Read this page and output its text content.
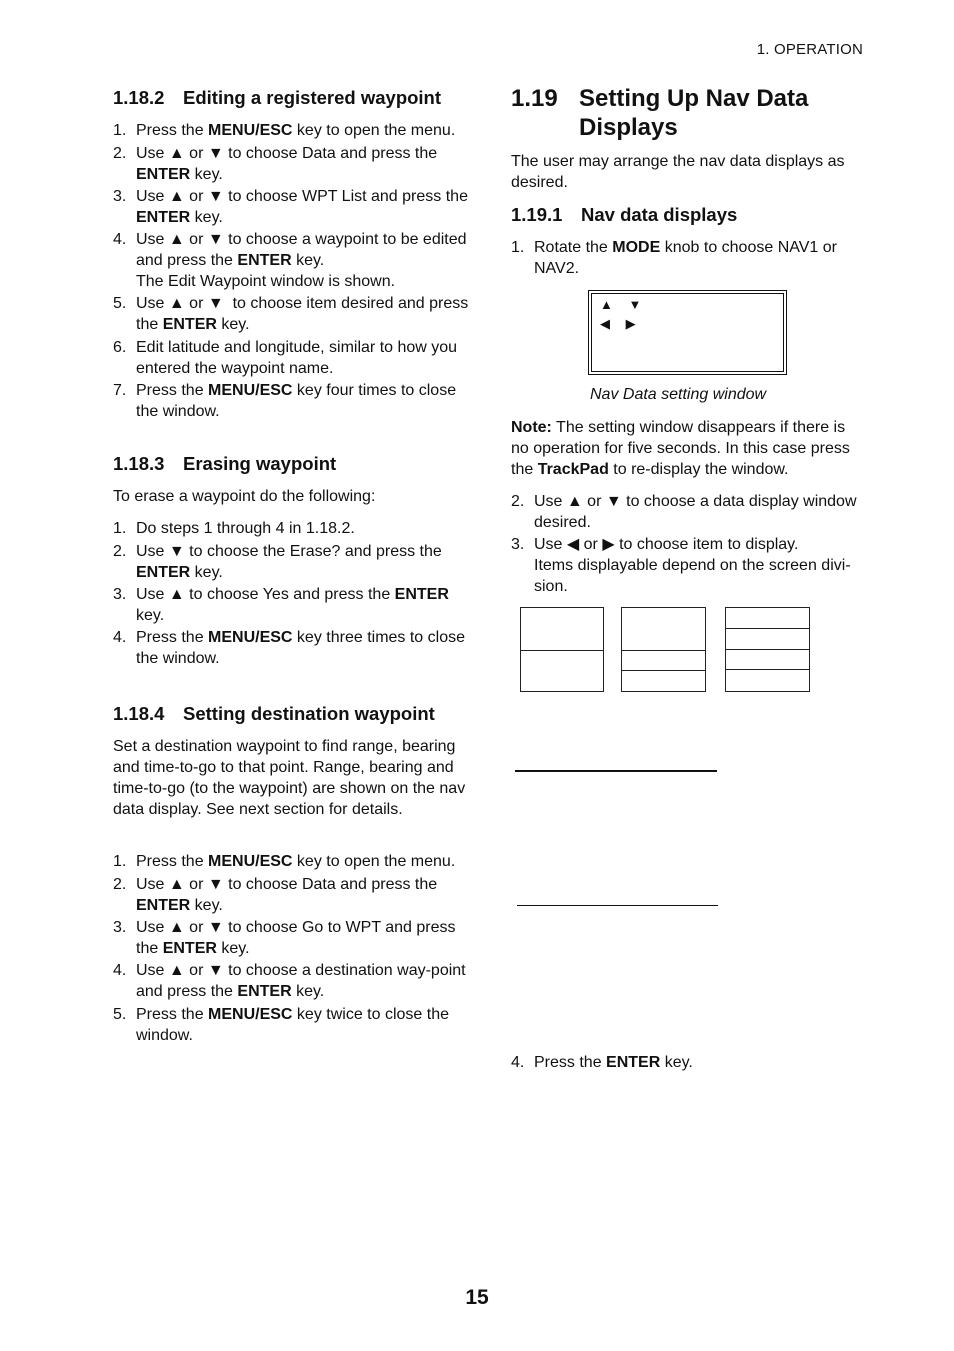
1. OPERATION
1.18.2 Editing a registered waypoint
1. Press the MENU/ESC key to open the menu.
2. Use ▲ or ▼ to choose Data and press the ENTER key.
3. Use ▲ or ▼ to choose WPT List and press the ENTER key.
4. Use ▲ or ▼ to choose a waypoint to be edited and press the ENTER key.
The Edit Waypoint window is shown.
5. Use ▲ or ▼  to choose item desired and press the ENTER key.
6. Edit latitude and longitude, similar to how you entered the waypoint name.
7. Press the MENU/ESC key four times to close the window.
1.18.3 Erasing waypoint
To erase a waypoint do the following:
1. Do steps 1 through 4 in 1.18.2.
2. Use ▼ to choose the Erase? and press the ENTER key.
3. Use ▲ to choose Yes and press the ENTER key.
4. Press the MENU/ESC key three times to close the window.
1.18.4 Setting destination waypoint
Set a destination waypoint to find range, bearing and time-to-go to that point. Range, bearing and time-to-go (to the waypoint) are shown on the nav data display. See next section for details.
1. Press the MENU/ESC key to open the menu.
2. Use ▲ or ▼ to choose Data and press the ENTER key.
3. Use ▲ or ▼ to choose Go to WPT and press the ENTER key.
4. Use ▲ or ▼ to choose a destination way-point and press the ENTER key.
5. Press the MENU/ESC key twice to close the window.
1.19 Setting Up Nav Data Displays
The user may arrange the nav data displays as desired.
1.19.1 Nav data displays
1. Rotate the MODE knob to choose NAV1 or NAV2.
▲ ▼
◀ ▶
Nav Data setting window
Note: The setting window disappears if there is no operation for five seconds. In this case press the TrackPad to re-display the window.
2. Use ▲ or ▼ to choose a data display window desired.
3. Use ◀ or ▶ to choose item to display.
Items displayable depend on the screen divi-sion.
4. Press the ENTER key.
15
